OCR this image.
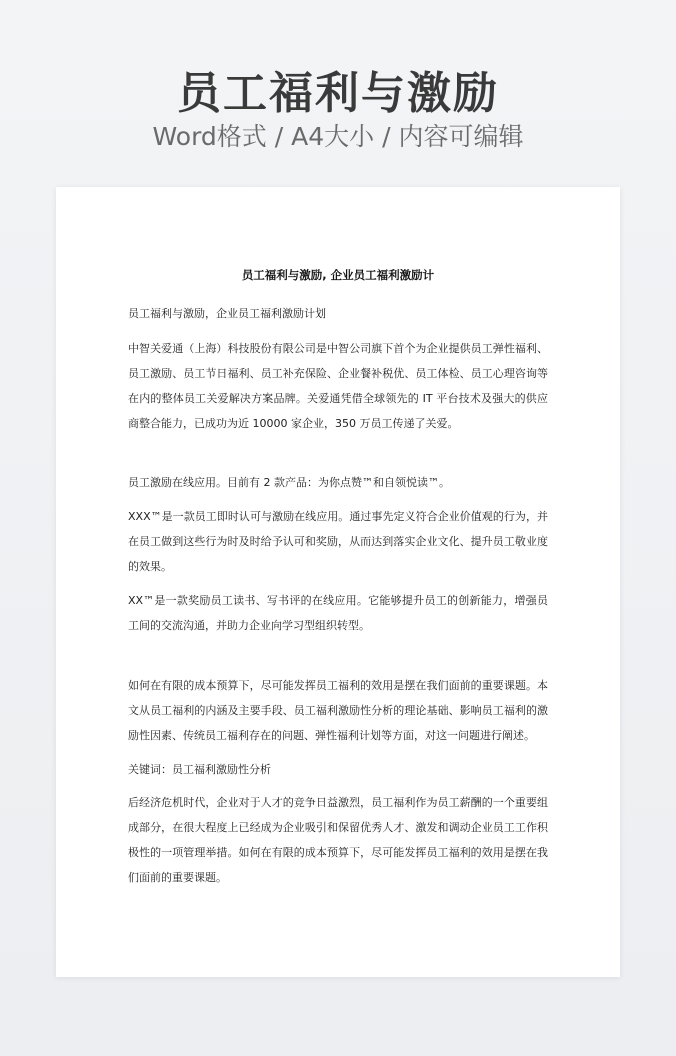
员工福利与激励
Word格式 / A4大小 / 内容可编辑
员工福利与激励, 企业员工福利激励计

员工福利与激励，企业员工福利激励计划

中智关爱通（上海）科技股份有限公司是中智公司旗下首个为企业提供员工弹性福利、员工激励、员工节日福利、员工补充保险、企业餐补税优、员工体检、员工心理咨询等在内的整体员工关爱解决方案品牌。关爱通凭借全球领先的 IT 平台技术及强大的供应商整合能力，已成功为近 10000 家企业，350 万员工传递了关爱。

员工激励在线应用。目前有 2 款产品：为你点赞™和自领悦读™。

XXX™是一款员工即时认可与激励在线应用。通过事先定义符合企业价值观的行为，并在员工做到这些行为时及时给予认可和奖励，从而达到落实企业文化、提升员工敬业度的效果。

XX™是一款奖励员工读书、写书评的在线应用。它能够提升员工的创新能力，增强员工间的交流沟通，并助力企业向学习型组织转型。

如何在有限的成本预算下，尽可能发挥员工福利的效用是摆在我们面前的重要课题。本文从员工福利的内涵及主要手段、员工福利激励性分析的理论基础、影响员工福利的激励性因素、传统员工福利存在的问题、弹性福利计划等方面，对这一问题进行阐述。

关键词：员工福利激励性分析

后经济危机时代，企业对于人才的竞争日益激烈，员工福利作为员工薪酬的一个重要组成部分，在很大程度上已经成为企业吸引和保留优秀人才、激发和调动企业员工工作积极性的一项管理举措。如何在有限的成本预算下，尽可能发挥员工福利的效用是摆在我们面前的重要课题。
